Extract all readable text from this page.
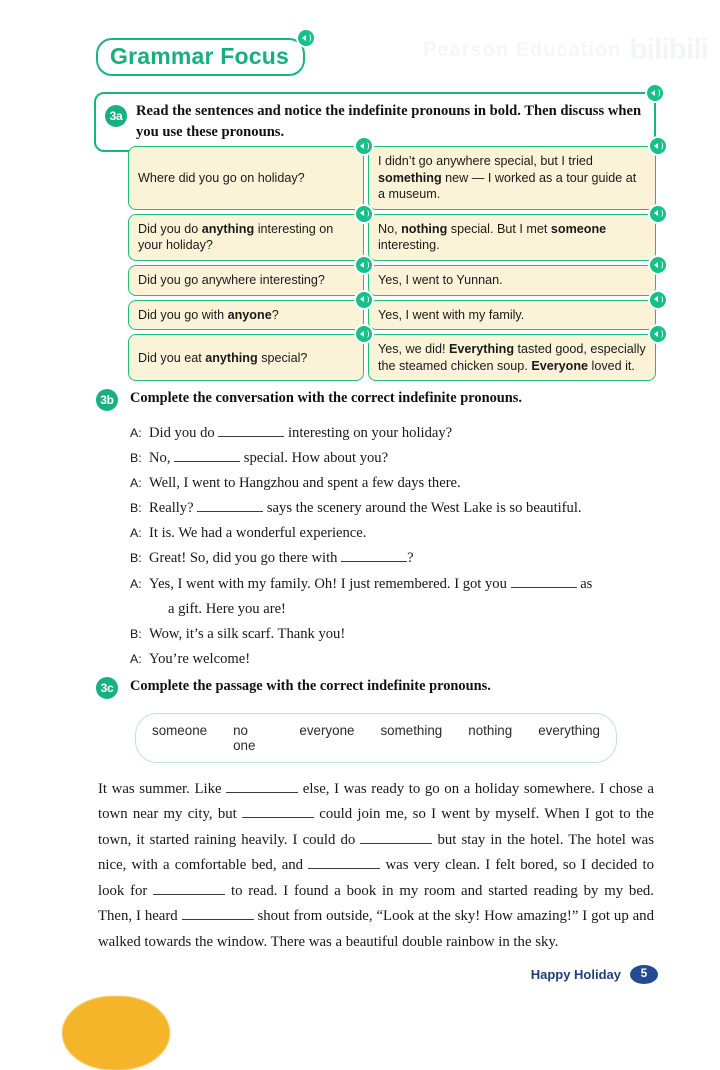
Pearson Education bilibili
Grammar Focus
3a Read the sentences and notice the indefinite pronouns in bold. Then discuss when you use these pronouns.
Where did you go on holiday?
I didn’t go anywhere special, but I tried something new — I worked as a tour guide at a museum.
Did you do anything interesting on your holiday?
No, nothing special. But I met someone interesting.
Did you go anywhere interesting?	Yes, I went to Yunnan.
Did you go with anyone?	Yes, I went with my family.
Did you eat anything special?
Yes, we did! Everything tasted good, especially the steamed chicken soup. Everyone loved it.
3b Complete the conversation with the correct indefinite pronouns.
A: Did you do	interesting on your holiday?
B: No,	special. How about you?
A: Well, I went to Hangzhou and spent a few days there.
B: Really?	says the scenery around the West Lake is so beautiful.
A: It is. We had a wonderful experience.
B: Great! So, did you go there with	?
A: Yes, I went with my family. Oh! I just remembered. I got you	as
a gift. Here you are!
B: Wow, it’s a silk scarf. Thank you!
A: You’re welcome!
3c	Complete the passage with the correct indefinite pronouns.
someone no one
everyone something nothing everything
It was summer. Like	else, I was ready to go on a holiday somewhere. I chose a town near my city, but	could join me, so I went by myself. When I got to the town, it started raining heavily. I could do	but stay in the hotel. The hotel was nice, with a comfortable bed, and	was very clean. I felt bored, so I decided to look for	to read. I found a book in my room and started reading by my bed. Then, I heard	shout from outside, “Look at the sky! How amazing!” I got up and walked towards the window. There was a beautiful double rainbow in the sky.
Happy Holiday	5
